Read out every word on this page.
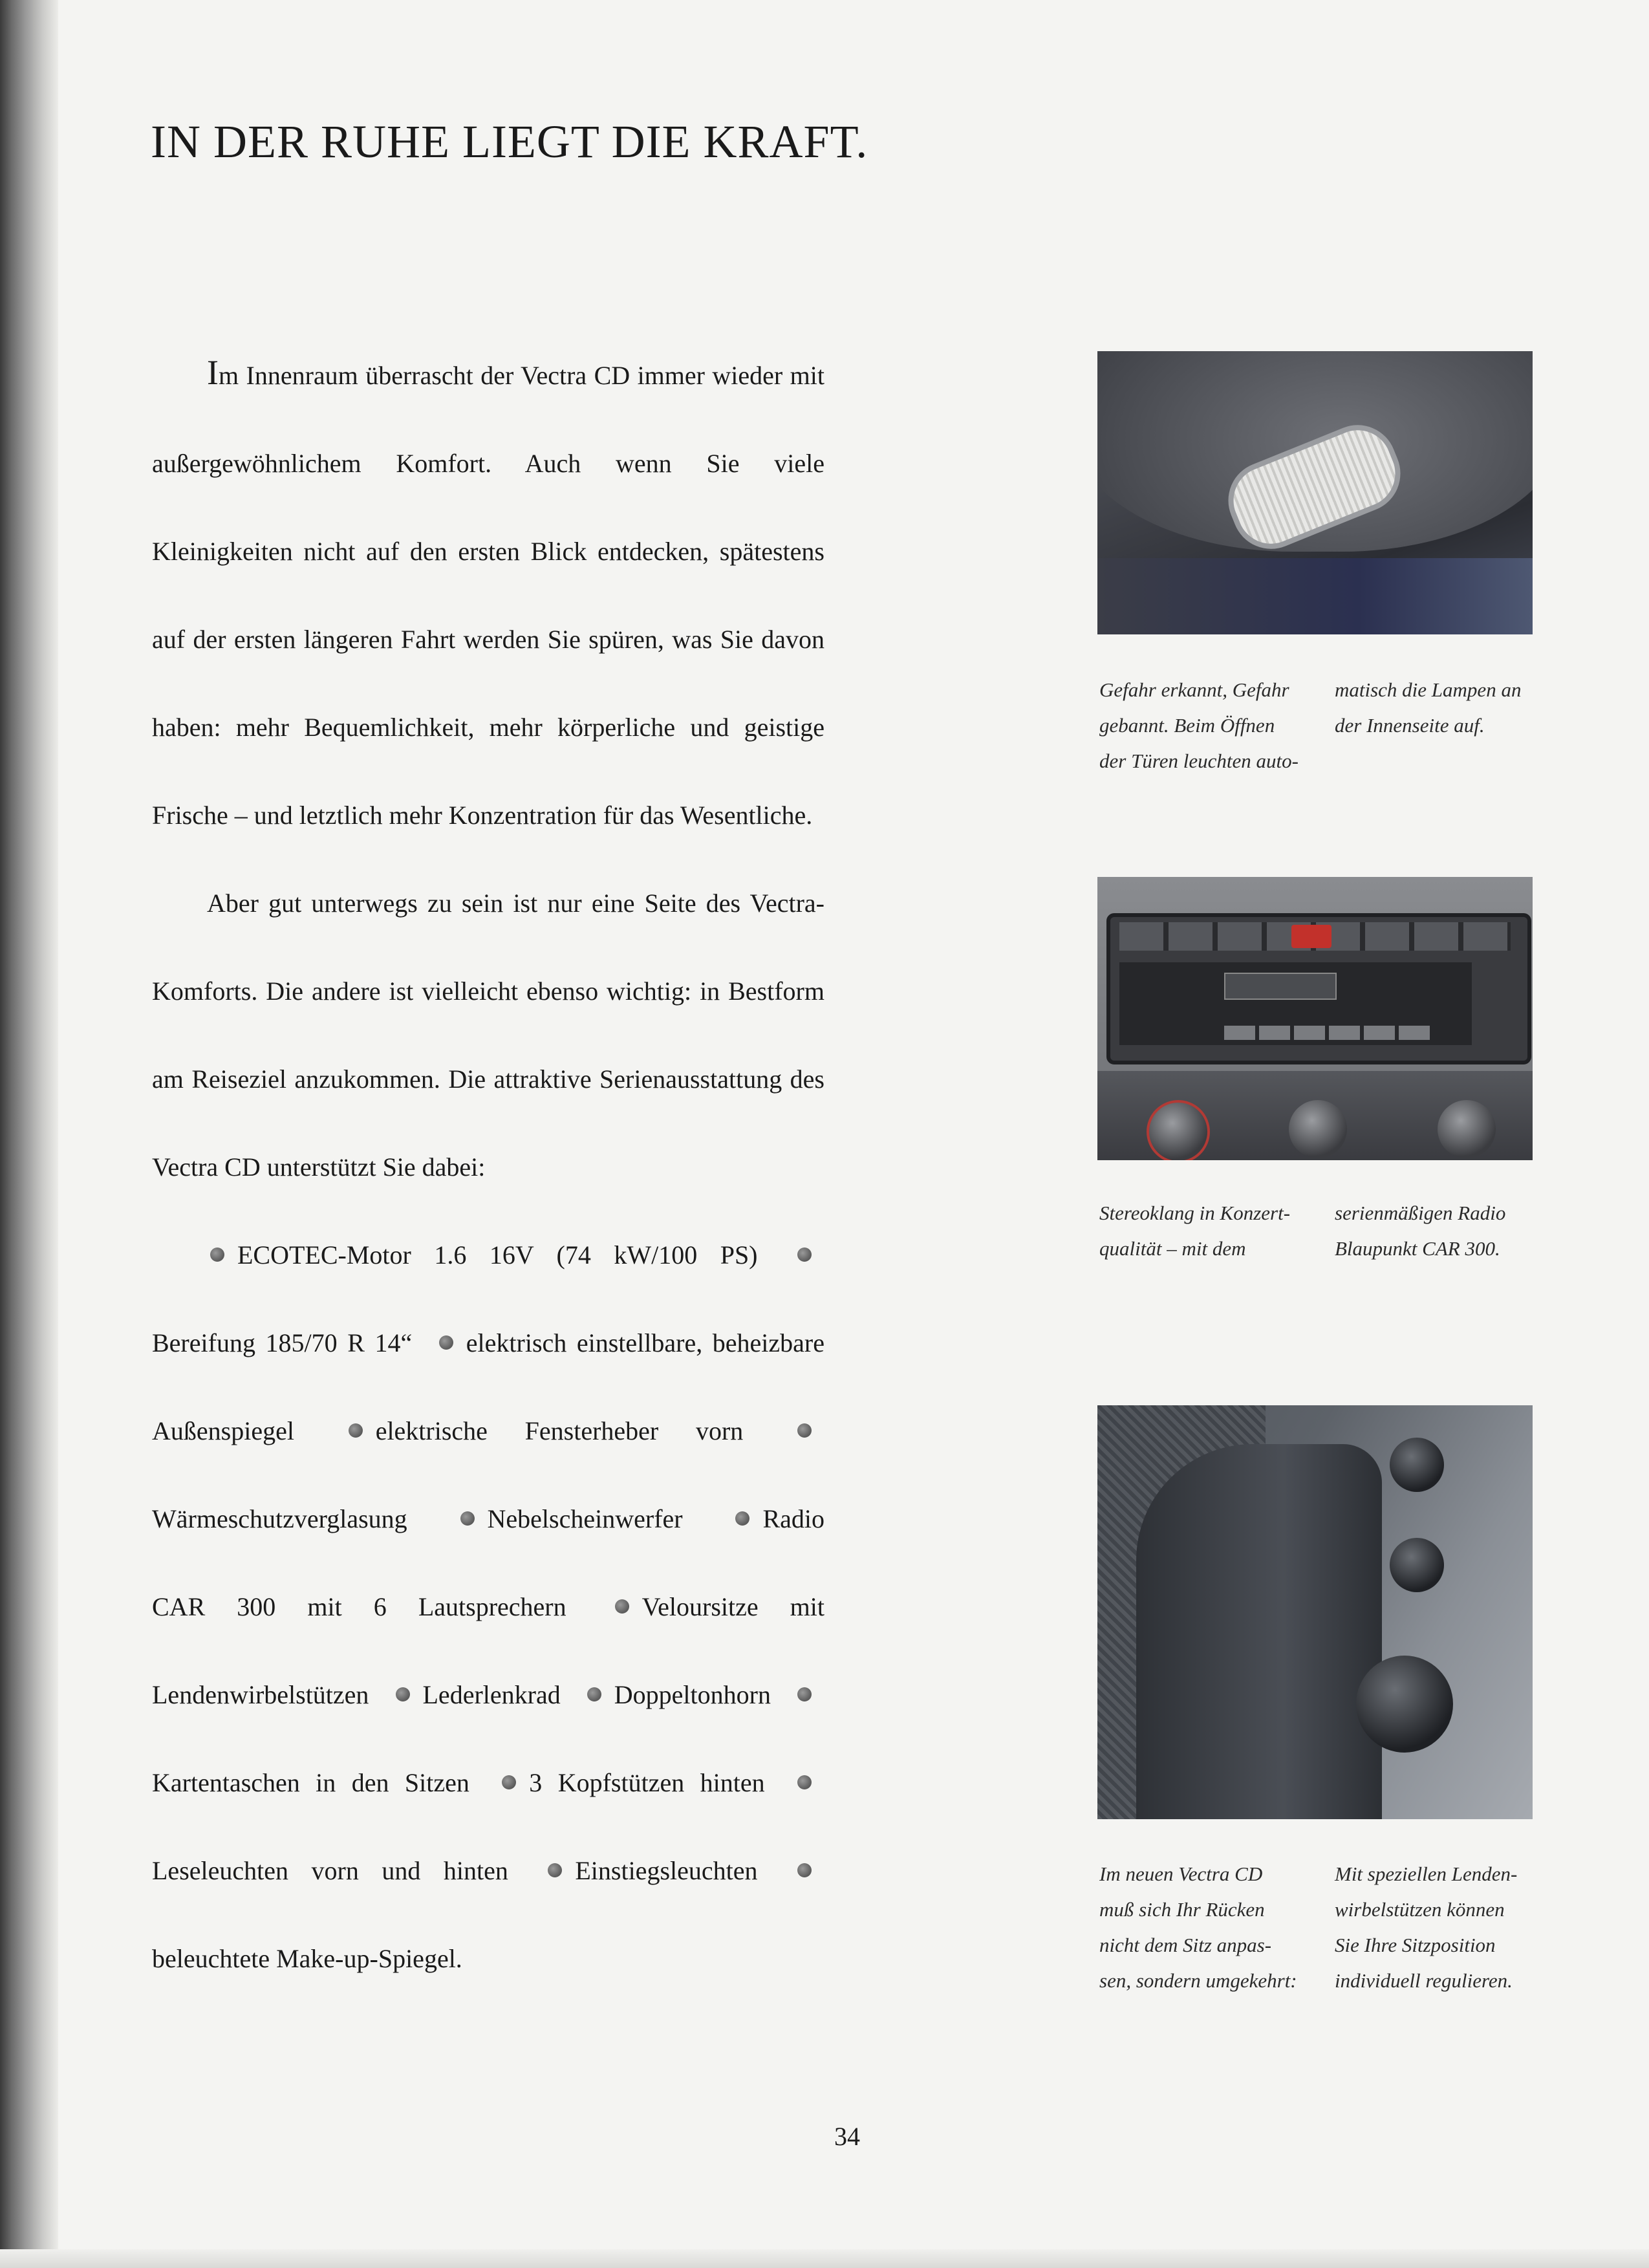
IN DER RUHE LIEGT DIE KRAFT.

Im Innenraum überrascht der Vectra CD immer wieder mit außergewöhnlichem Komfort. Auch wenn Sie viele Kleinigkeiten nicht auf den ersten Blick entdecken, spätestens auf der ersten längeren Fahrt werden Sie spüren, was Sie davon haben: mehr Bequemlichkeit, mehr körperliche und geistige Frische – und letztlich mehr Konzentration für das Wesentliche.

Aber gut unterwegs zu sein ist nur eine Seite des Vectra-Komforts. Die andere ist vielleicht ebenso wichtig: in Bestform am Reiseziel anzukommen. Die attraktive Serienausstattung des Vectra CD unterstützt Sie dabei:

ECOTEC-Motor 1.6 16V (74 kW/100 PS) Bereifung 185/70 R 14“ elektrisch einstellbare, beheizbare Außenspiegel	elektrische Fensterheber vorn Wärmeschutzverglasung	Nebelscheinwerfer	Radio CAR 300 mit 6 Lautsprechern	Veloursitze mit Lendenwirbelstützen Lederlenkrad Doppeltonhorn Kartentaschen in den Sitzen 3 Kopfstützen hinten Leseleuchten vorn und hinten	Einstiegsleuchten beleuchtete Make-up-Spiegel.

Gefahr erkannt, Gefahr
gebannt. Beim Öffnen
der Türen leuchten auto-
matisch die Lampen an
der Innenseite auf.
Stereoklang in Konzert-
qualität – mit dem
serienmäßigen Radio
Blaupunkt CAR 300.
Im neuen Vectra CD
muß sich Ihr Rücken
nicht dem Sitz anpas-
sen, sondern umgekehrt:
Mit speziellen Lenden-
wirbelstützen können
Sie Ihre Sitzposition
individuell regulieren.
34
